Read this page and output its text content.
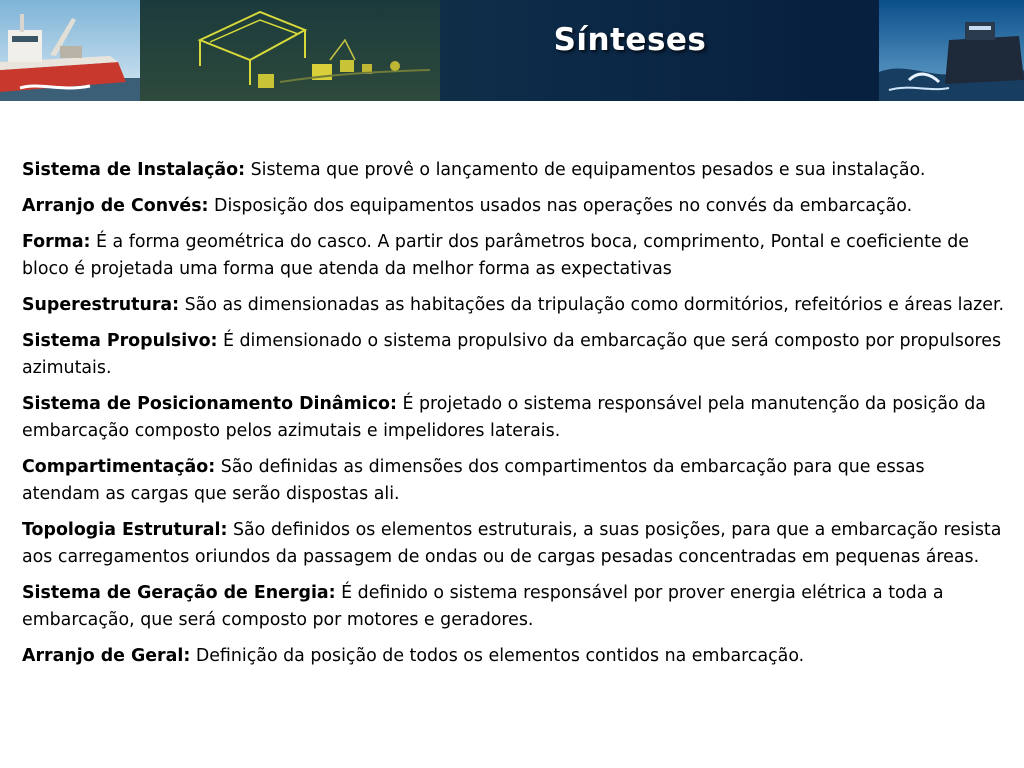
Sínteses

Sistema de Instalação: Sistema que provê o lançamento de equipamentos pesados e sua instalação.

Arranjo de Convés: Disposição dos equipamentos usados nas operações no convés da embarcação.

Forma: É a forma geométrica do casco. A partir dos parâmetros boca, comprimento, Pontal e coeficiente de bloco é projetada uma forma que atenda da melhor forma as expectativas

Superestrutura: São as dimensionadas as habitações da tripulação como dormitórios, refeitórios e áreas lazer.

Sistema Propulsivo: É dimensionado o sistema propulsivo da embarcação que será composto por propulsores azimutais.

Sistema de Posicionamento Dinâmico: É projetado o sistema responsável pela manutenção da posição da embarcação composto pelos azimutais e impelidores laterais.

Compartimentação: São definidas as dimensões dos compartimentos da embarcação para que essas atendam as cargas que serão dispostas ali.

Topologia Estrutural: São definidos os elementos estruturais, a suas posições, para que a embarcação resista aos carregamentos oriundos da passagem de ondas ou de cargas pesadas concentradas em pequenas áreas.

Sistema de Geração de Energia: É definido o sistema responsável por prover energia elétrica a toda a embarcação, que será composto por motores e geradores.

Arranjo de Geral: Definição da posição de todos os elementos contidos na embarcação.
